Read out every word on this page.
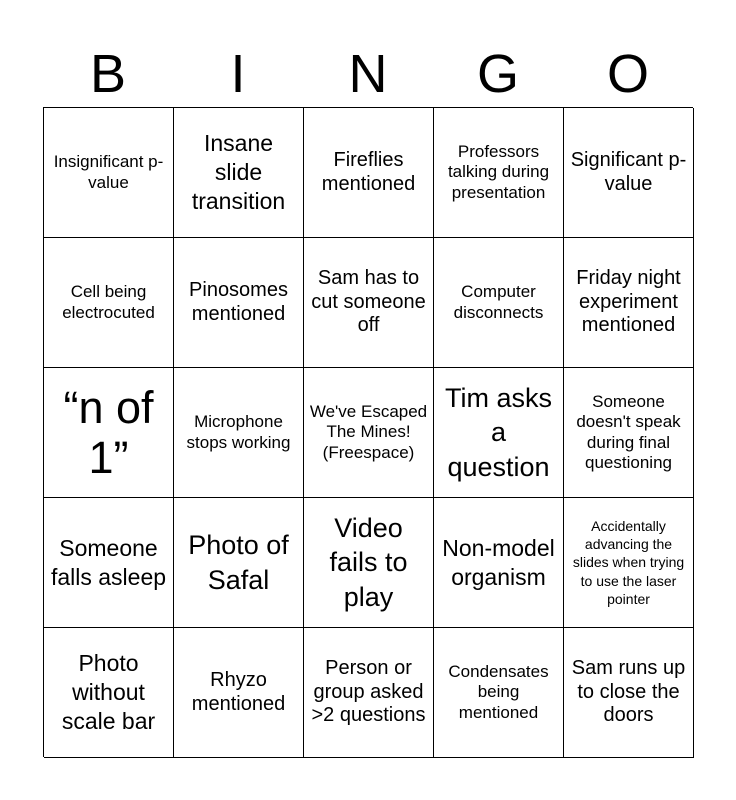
B	I	N	G	O
Insignificant p-value
Insane slide transition
Fireflies mentioned
Professors talking during presentation
Significant p-value
Cell being electrocuted
Pinosomes mentioned
Sam has to cut someone off
Computer disconnects
Friday night experiment mentioned
“n of 1”
Microphone stops working
We've Escaped The Mines! (Freespace)
Tim asks a question
Someone doesn't speak during final questioning
Someone falls asleep
Photo of Safal
Video fails to play
Non-model organism
Accidentally advancing the slides when trying to use the laser pointer
Photo without scale bar
Rhyzo mentioned
Person or group asked >2 questions
Condensates being mentioned
Sam runs up to close the doors
